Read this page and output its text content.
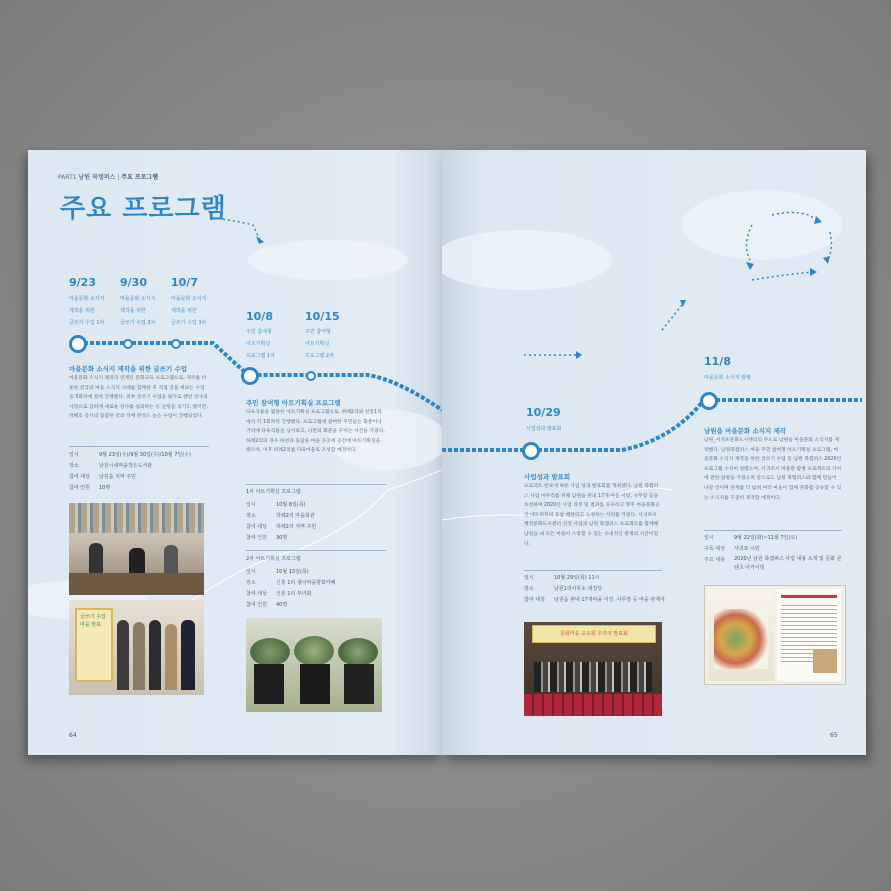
PART1 남원 북캠퍼스 | 주요 프로그램
주요 프로그램
9/23
마을문화 소식지
제작을 위한
글쓰기 수업 1차
9/30
마을문화 소식지
제작을 위한
글쓰기 수업 2차
10/7
마을문화 소식지
제작을 위한
글쓰기 수업 3차	10/8
주민 참여형
아트기획실
프로그램 1차
10/15
주민 참여형
아트기획실
프로그램 2차
마을문화 소식지 제작을 위한 글쓰기 수업
마을문화 소식지 제작과 연계된 문화교육 프로그램으로, 제주를 비롯한 전국의 마을 소식지 사례를 함께한 후 직접 글을 써보는 수업을 3회차에 걸쳐 진행했다. 외부 글쓰기 수업을 필기로 했던 강사의 사정으로 급하게 새로운 강사를 섭외하는 등 난항을 겪기도 했지만, 박혜호 강사의 꼼꼼한 강의 덕에 완성도 높은 수업이 진행되었다.
일시	9월 23일(수)/9월 30일(수)/10월 7일(수)
장소	남원시새마을작은도서관
참여 대상 남원읍 지역 주민
참여 인원 10명
글쓰기 수업 마을 발표
주민 참여형 아트기획실 프로그램
다육식물을 활용한 아트기획실 프로그램으로, 하례2리와 신흥1리에서 각 1회차씩 진행했다. 프로그램에 참여한 주민들은 화분이나 거리에 다육식물을 심어보고, 나만의 화분을 꾸미는 시간을 가졌다. 하례2리의 경우 하천과 돌담을 마을 곳곳에 공간에 아트기획실을 했으며, 이후 하례2리를 다육마을로 조성할 예정이다.
1차 아트기획실 프로그램
일시	10월 8일(목)
장소	하례2리 마을회관
참여 대상 하례2리 지역 주민
참여 인원 30명
2차 아트기획실 프로그램
일시	10월 15일(목)
장소	신흥 1리 생이마을향회카페
참여 대상 신흥 1리 부녀회
참여 인원 40명
64
10/29
사업성과 발표회
11/8
마을문화 소식지 발행
사업성과 발표회
프로젝트 완료에 따른 사업 성과 발표회를 개최했다. 남원 북캠퍼스 사업 마무리를 위해 남원읍 관내 17개 마을 이장, 사무장 등을 초청하여 2020년 사업 과정 및 결과를 공유하고 향후 마을문화공간 네트워킹의 동참 해달라고 요청하는 자리를 가졌다. 서귀포시 행정문화도시센터 선정 사업과 남원 북캠퍼스 프로젝트를 함께해 남원읍 내 모든 마을이 소통할 수 있는 유대적인 관계의 시간이었다.
일시	10월 29일(목) 11시
장소	남원1리사무소 대강당
참여 대상 남원읍 관내 17개마을 이장, 사무장 등 마을 관계자
문화마을 교육회 우리의 발표회
남원읍 마을문화 소식지 제작
남원_서귀포문화도시센터의 주도로 남원읍 마을문화 소식지를 제작했다. 남원북캠퍼스 마을 주민 참여형 아트기획실 프로그램, 마을문화 소식지 제작을 위한 글쓰기 수업 등 남원 북캠퍼스 2020년 프로그램 소식이 실렸으며, 서귀포시 박물관 탐방 프로젝트의 가치에 관한 탐방을 가졌으며 앞으로도 남원 북캠퍼스와 함께 만들어 나갈 것이며 관계를 더 넓혀 여러 마을이 함께 문화를 공유할 수 있는 소식지를 꾸준히 제작할 예정이다.
일시	9월 22일(화)~11월 7일(토)
구독 대상 서귀포 시민
주요 내용	2020년 남원 북캠퍼스 사업 내용 소개 및 문화 콘텐츠 아카이빙
65
